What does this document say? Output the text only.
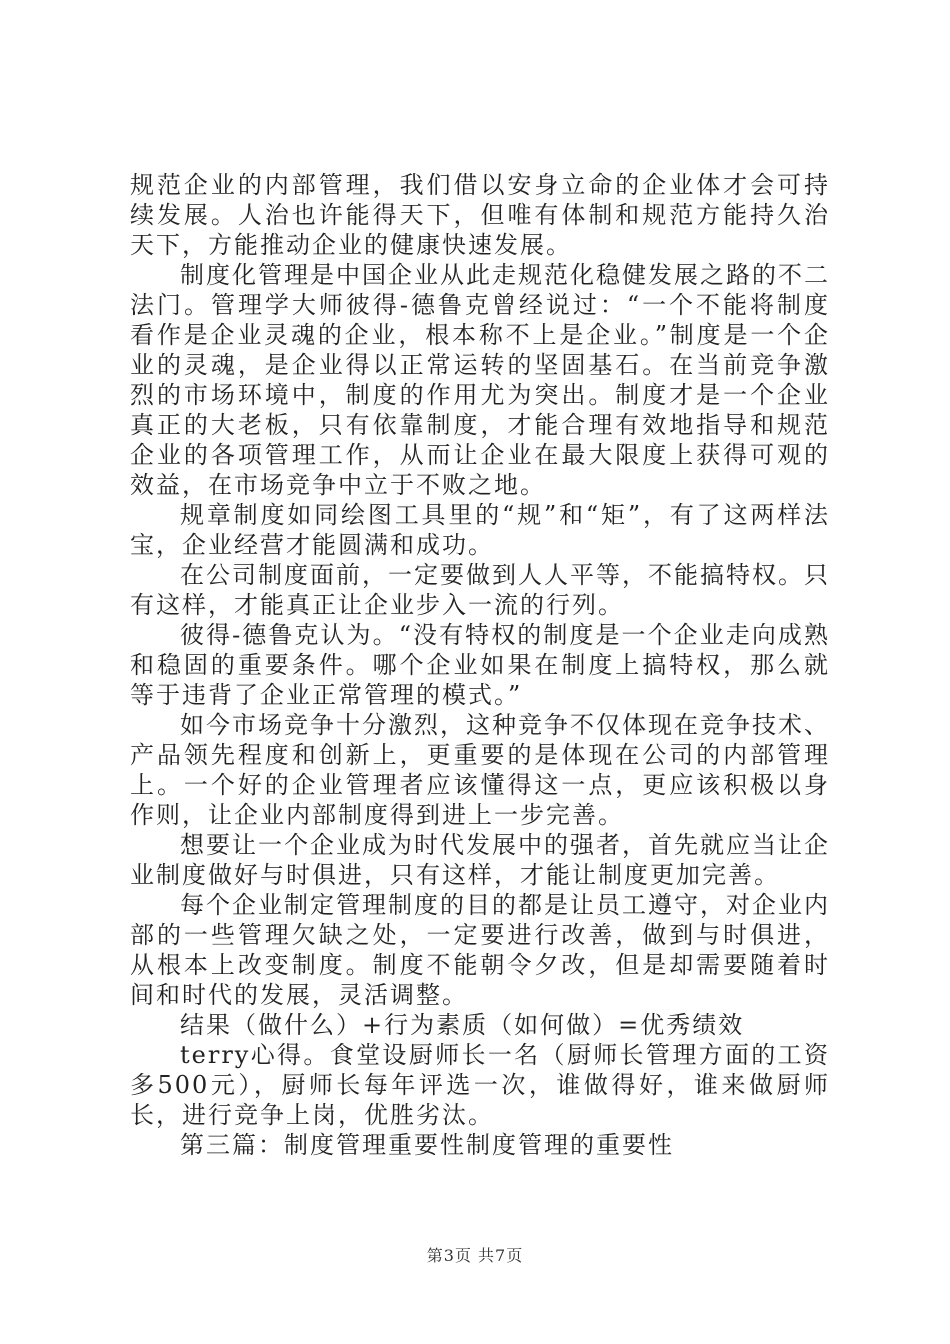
规范企业的内部管理，我们借以安身立命的企业体才会可持续发展。人治也许能得天下，但唯有体制和规范方能持久治天下，方能推动企业的健康快速发展。

制度化管理是中国企业从此走规范化稳健发展之路的不二法门。管理学大师彼得-德鲁克曾经说过：“一个不能将制度看作是企业灵魂的企业，根本称不上是企业。”制度是一个企业的灵魂，是企业得以正常运转的坚固基石。在当前竞争激烈的市场环境中，制度的作用尤为突出。制度才是一个企业真正的大老板，只有依靠制度，才能合理有效地指导和规范企业的各项管理工作，从而让企业在最大限度上获得可观的效益，在市场竞争中立于不败之地。

规章制度如同绘图工具里的“规”和“矩”，有了这两样法宝，企业经营才能圆满和成功。

在公司制度面前，一定要做到人人平等，不能搞特权。只有这样，才能真正让企业步入一流的行列。

彼得-德鲁克认为。“没有特权的制度是一个企业走向成熟和稳固的重要条件。哪个企业如果在制度上搞特权，那么就等于违背了企业正常管理的模式。”

如今市场竞争十分激烈，这种竞争不仅体现在竞争技术、产品领先程度和创新上，更重要的是体现在公司的内部管理上。一个好的企业管理者应该懂得这一点，更应该积极以身作则，让企业内部制度得到进上一步完善。

想要让一个企业成为时代发展中的强者，首先就应当让企业制度做好与时俱进，只有这样，才能让制度更加完善。

每个企业制定管理制度的目的都是让员工遵守，对企业内部的一些管理欠缺之处，一定要进行改善，做到与时俱进，从根本上改变制度。制度不能朝令夕改，但是却需要随着时间和时代的发展，灵活调整。

结果（做什么）+行为素质（如何做）=优秀绩效

terry心得。食堂设厨师长一名（厨师长管理方面的工资多500元），厨师长每年评选一次，谁做得好，谁来做厨师长，进行竞争上岗，优胜劣汰。

第三篇：制度管理重要性制度管理的重要性

第3页 共7页
